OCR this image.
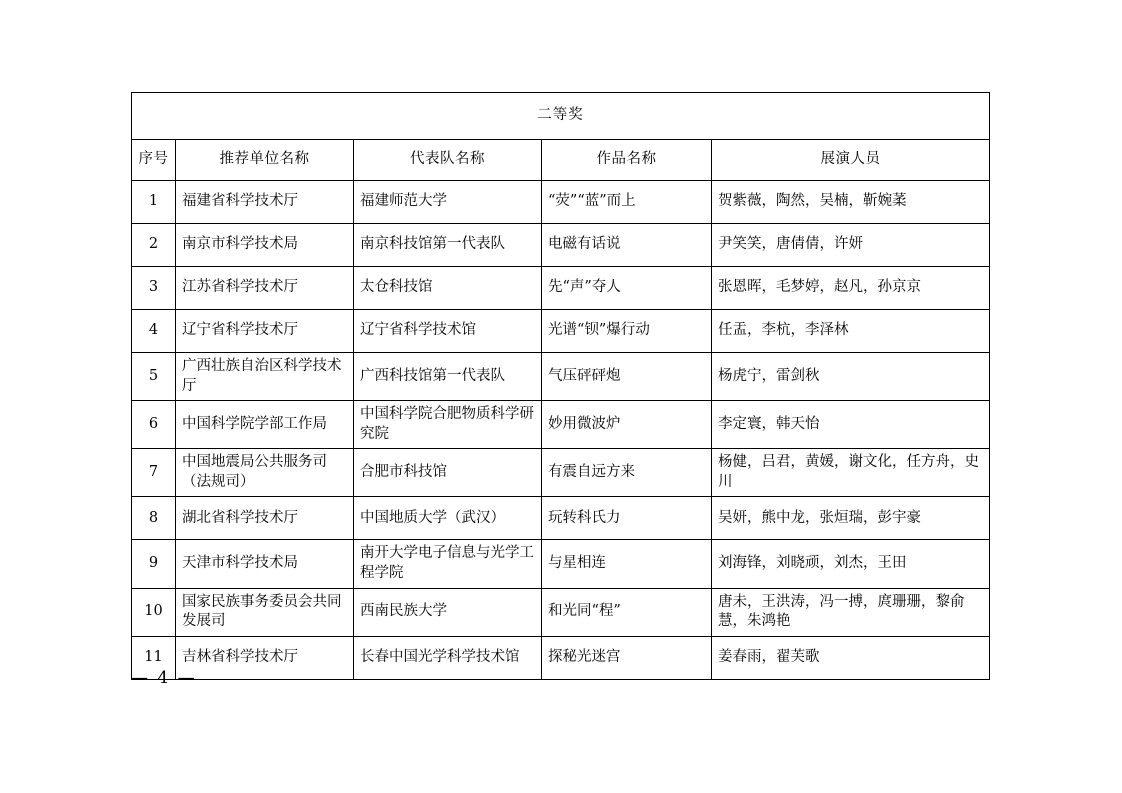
二等奖				
序号	推荐单位名称	代表队名称	作品名称	展演人员
1	福建省科学技术厅	福建师范大学	“荧”“蓝”而上	贺紫薇，陶然，吴楠，靳婉葇
2	南京市科学技术局	南京科技馆第一代表队	电磁有话说	尹笑笑，唐倩倩，许妍
3	江苏省科学技术厅	太仓科技馆	先“声”夺人	张恩晖，毛梦婷，赵凡，孙京京
4	辽宁省科学技术厅	辽宁省科学技术馆	光谱“钡”爆行动	任盂，李杭，李泽林
5	广西壮族自治区科学技术厅	广西科技馆第一代表队	气压砰砰炮	杨虎宁，雷剑秋
6	中国科学院学部工作局	中国科学院合肥物质科学研究院	妙用微波炉	李定寰，韩天怡
7	中国地震局公共服务司（法规司）	合肥市科技馆	有震自远方来	杨健，吕君，黄媛，谢文化，任方舟，史川
8	湖北省科学技术厅	中国地质大学（武汉）	玩转科氏力	吴妍，熊中龙，张烜瑞，彭宇豪
9	天津市科学技术局	南开大学电子信息与光学工程学院	与星相连	刘海锋，刘晓顽，刘杰，王田
10	国家民族事务委员会共同发展司	西南民族大学	和光同“程”	唐未，王洪涛，冯一搏，庹珊珊，黎俞慧，朱鸿艳
11	吉林省科学技术厅	长春中国光学科学技术馆	探秘光迷宫	姜春雨，翟芙歌
— 4 —
